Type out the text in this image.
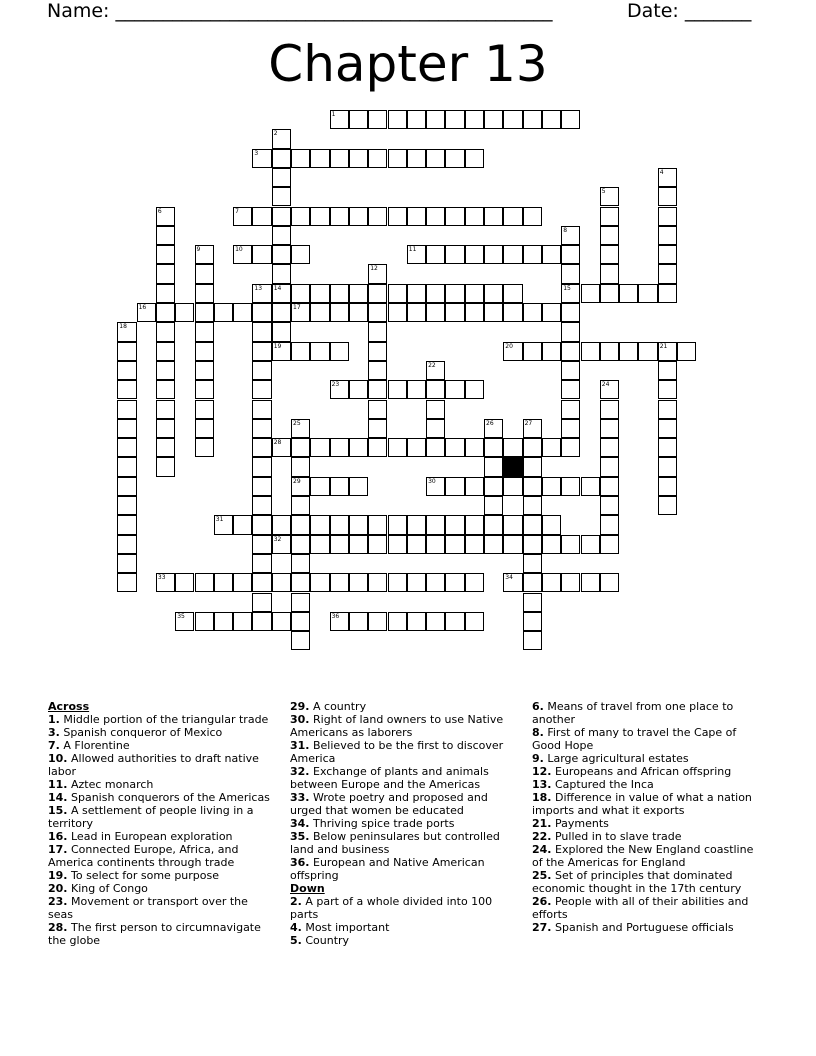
Name: ______________________________________________	Date: _______
Chapter 13
1
2
14
3
4
5
6	7
8
15
9	10	11
12
13
16	17
18
19	20	21
22
23	24
25
29
26	27
28
30
31
32
33	34
35	36
Across
1. Middle portion of the triangular trade
3. Spanish conqueror of Mexico
7. A Florentine
10. Allowed authorities to draft native labor
11. Aztec monarch
14. Spanish conquerors of the Americas
15. A settlement of people living in a territory
16. Lead in European exploration
17. Connected Europe, Africa, and America continents through trade
19. To select for some purpose
20. King of Congo
23. Movement or transport over the seas
28. The first person to circumnavigate the globe
29. A country
30. Right of land owners to use Native Americans as laborers
31. Believed to be the first to discover America
32. Exchange of plants and animals between Europe and the Americas
33. Wrote poetry and proposed and urged that women be educated
34. Thriving spice trade ports
35. Below peninsulares but controlled land and business
36. European and Native American offspring
Down
2. A part of a whole divided into 100 parts
4. Most important
5. Country
6. Means of travel from one place to another
8. First of many to travel the Cape of Good Hope
9. Large agricultural estates
12. Europeans and African offspring
13. Captured the Inca
18. Difference in value of what a nation imports and what it exports
21. Payments
22. Pulled in to slave trade
24. Explored the New England coastline of the Americas for England
25. Set of principles that dominated economic thought in the 17th century
26. People with all of their abilities and efforts
27. Spanish and Portuguese officials
